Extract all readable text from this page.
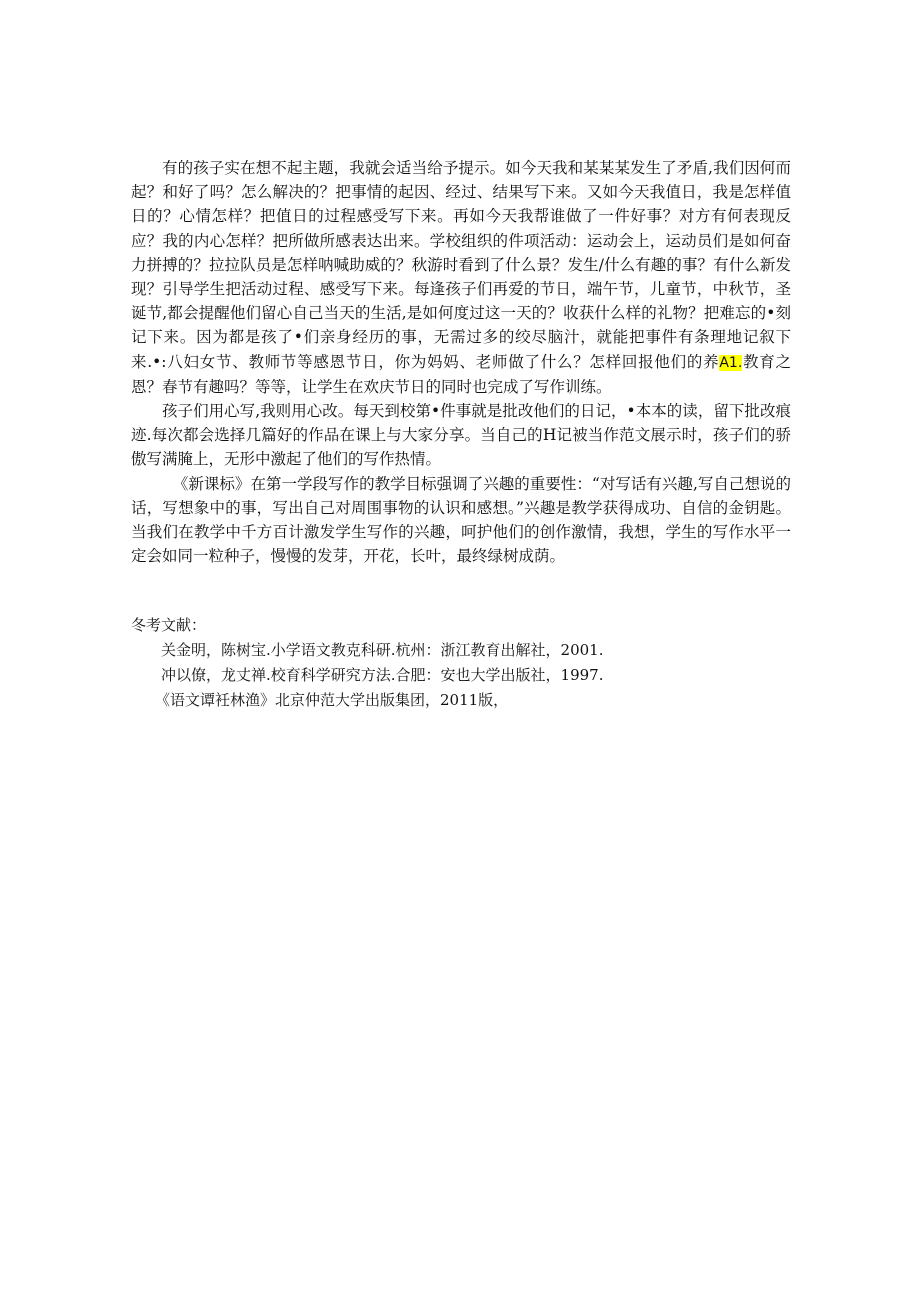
有的孩子实在想不起主题，我就会适当给予提示。如今天我和某某某发生了矛盾,我们因何而起？和好了吗？怎么解决的？把事情的起因、经过、结果写下来。又如今天我值日，我是怎样值日的？心情怎样？把值日的过程感受写下来。再如今天我帮谁做了一件好事？对方有何表现反应？我的内心怎样？把所做所感表达出来。学校组织的件项活动：运动会上，运动员们是如何奋力拼搏的？拉拉队员是怎样呐喊助威的？秋游时看到了什么景？发生/什么有趣的事？有什么新发现？引导学生把活动过程、感受写下来。每逢孩子们再爱的节日，端午节，儿童节，中秋节，圣诞节,都会提醒他们留心自己当天的生活,是如何度过这一天的？收获什么样的礼物？把难忘的•刻记下来。因为都是孩了•们亲身经历的事，无需过多的绞尽脑汁，就能把事件有条理地记叙下来.•:八妇女节、教师节等感恩节日，你为妈妈、老师做了什么？怎样回报他们的养A1.教育之恩？春节有趣吗？等等，让学生在欢庆节日的同时也完成了写作训练。

孩子们用心写,我则用心改。每天到校第•件事就是批改他们的日记，•本本的读，留下批改痕迹.每次都会选择几篇好的作品在课上与大家分享。当自己的H记被当作范文展示时，孩子们的骄傲写满腌上，无形中激起了他们的写作热情。

《新课标》在第一学段写作的教学目标强调了兴趣的重要性：“对写话有兴趣,写自己想说的话，写想象中的事，写出自己对周围事物的认识和感想。”兴趣是教学获得成功、自信的金钥匙。当我们在教学中千方百计激发学生写作的兴趣，呵护他们的创作激情，我想，学生的写作水平一定会如同一粒种子，慢慢的发芽，开花，长叶，最终绿树成荫。

冬考文献：

关金明，陈树宝.小学语文教克科研.杭州：浙江教育出解社，2001.

冲以僚，龙丈禅.校育科学研究方法.合肥：安也大学出版社，1997.

《语文谭衽林渔》北京仲范大学出版集团，2011版，
